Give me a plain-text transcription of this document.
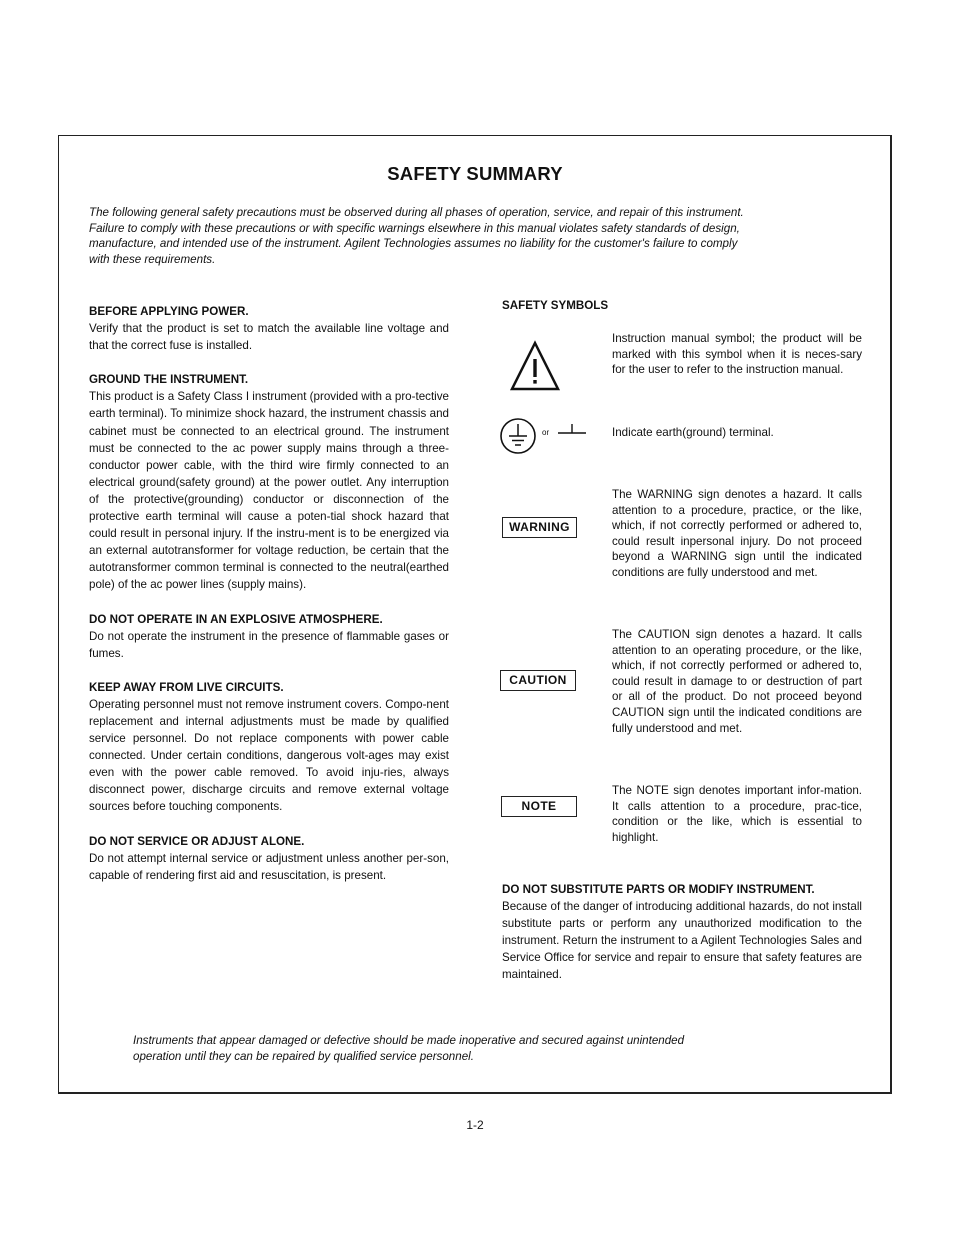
SAFETY SUMMARY
The following general safety precautions must be observed during all phases of operation, service, and repair of this instrument.
Failure to comply with these precautions or with specific warnings elsewhere in this manual violates safety standards of design,
manufacture, and intended use of the instrument. Agilent Technologies assumes no liability for the customer's failure to comply
with these requirements.
BEFORE APPLYING POWER.
Verify that the product is set to match the available line voltage and that the correct fuse is installed.
GROUND THE INSTRUMENT.
This product is a Safety Class I instrument (provided with a pro-tective earth terminal). To minimize shock hazard, the instrument chassis and cabinet must be connected to an electrical ground. The instrument must be connected to the ac power supply mains through a three-conductor power cable, with the third wire firmly connected to an electrical ground(safety ground) at the power outlet. Any interruption of the protective(grounding) conductor or disconnection of the protective earth terminal will cause a poten-tial shock hazard that could result in personal injury. If the instru-ment is to be energized via an external autotransformer for voltage reduction, be certain that the autotransformer common terminal is connected to the neutral(earthed pole) of the ac power lines (supply mains).
DO NOT OPERATE IN AN EXPLOSIVE ATMOSPHERE.
Do not operate the instrument in the presence of flammable gases or fumes.
KEEP AWAY FROM LIVE CIRCUITS.
Operating personnel must not remove instrument covers. Compo-nent replacement and internal adjustments must be made by qualified service personnel. Do not replace components with power cable connected. Under certain conditions, dangerous volt-ages may exist even with the power cable removed. To avoid inju-ries, always disconnect power, discharge circuits and remove external voltage sources before touching components.
DO NOT SERVICE OR ADJUST ALONE.
Do not attempt internal service or adjustment unless another per-son, capable of rendering first aid and resuscitation, is present.
SAFETY SYMBOLS
Instruction manual symbol; the product will be marked with this symbol when it is neces-sary for the user to refer to the instruction manual.
or	Indicate earth(ground) terminal.
WARNING
The WARNING sign denotes a hazard. It calls attention to a procedure, practice, or the like, which, if not correctly performed or adhered to, could result inpersonal injury. Do not proceed beyond a WARNING sign until the indicated conditions are fully understood and met.
CAUTION
The CAUTION sign denotes a hazard. It calls attention to an operating procedure, or the like, which, if not correctly performed or adhered to, could result in damage to or destruction of part or all of the product. Do not proceed beyond CAUTION sign until the indicated conditions are fully understood and met.
NOTE
The NOTE sign denotes important infor-mation. It calls attention to a procedure, prac-tice, condition or the like, which is essential to highlight.
DO NOT SUBSTITUTE PARTS OR MODIFY INSTRUMENT.
Because of the danger of introducing additional hazards, do not install substitute parts or perform any unauthorized modification to the instrument. Return the instrument to a Agilent Technologies Sales and Service Office for service and repair to ensure that safety features are maintained.
Instruments that appear damaged or defective should be made inoperative and secured against unintended
operation until they can be repaired by qualified service personnel.
1-2
